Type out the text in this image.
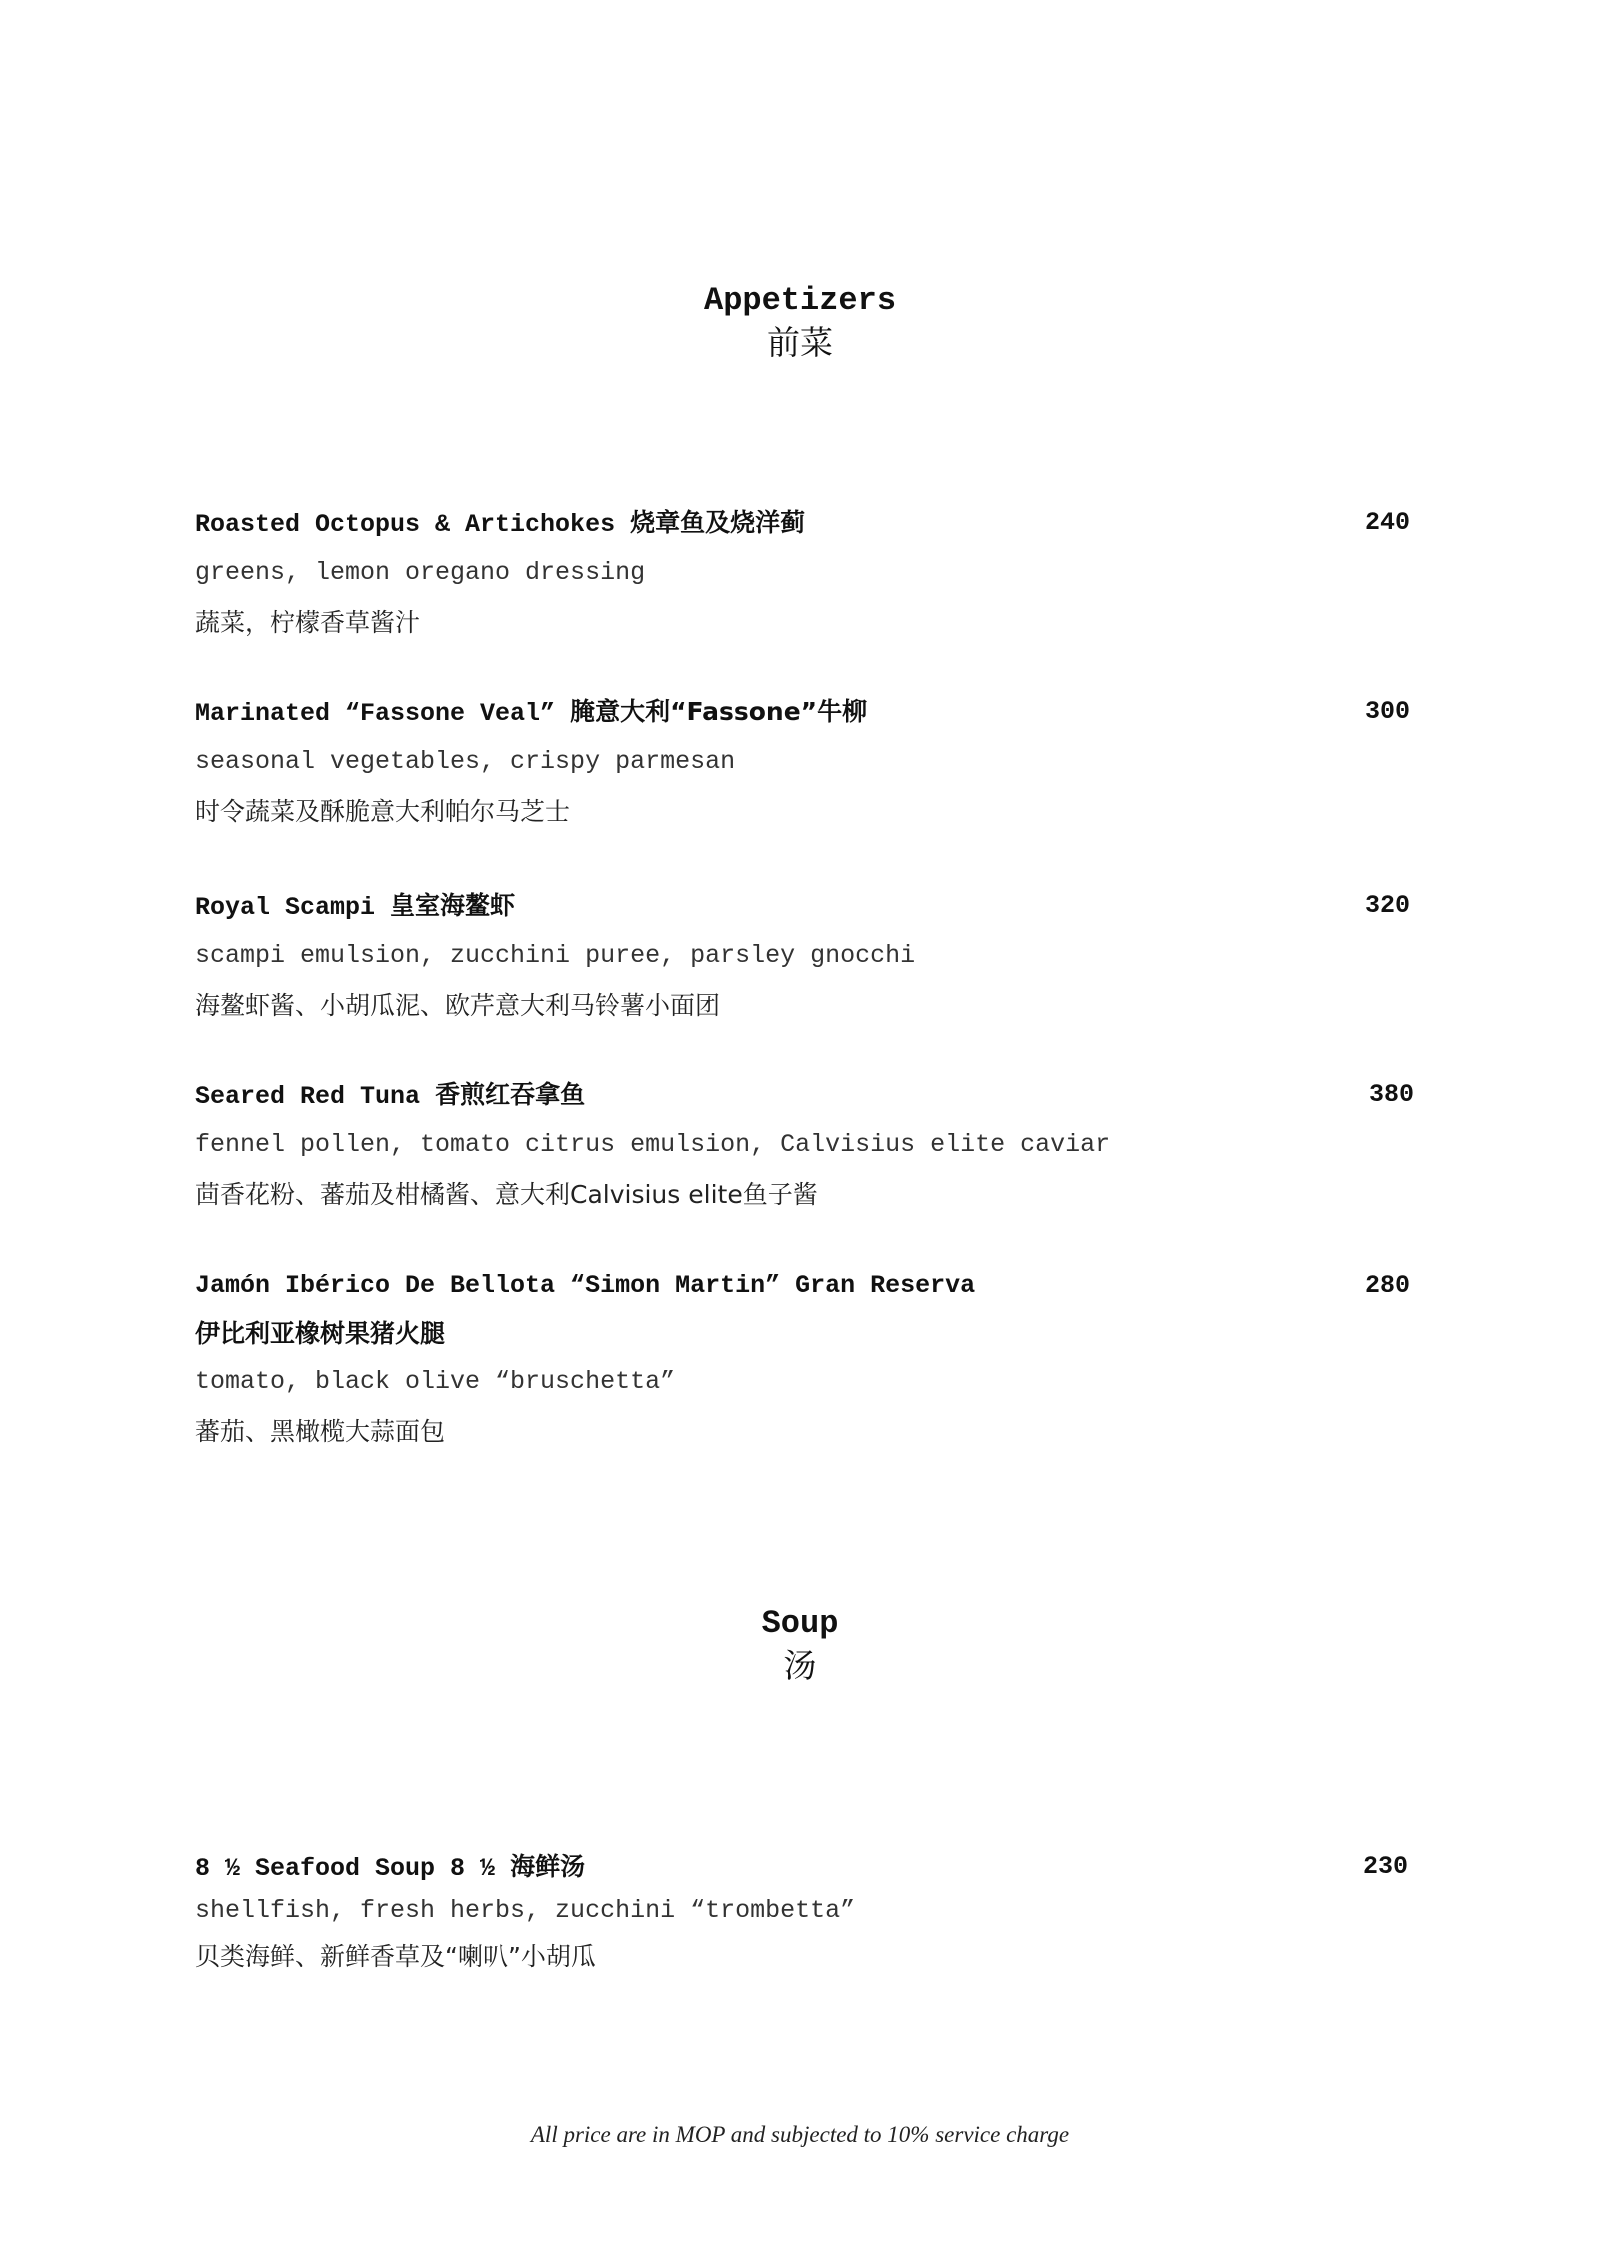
Appetizers
前菜
Roasted Octopus & Artichokes 烧章鱼及烧洋蓟	240
greens, lemon oregano dressing
蔬菜，柠檬香草酱汁
Marinated “Fassone Veal” 腌意大利“Fassone”牛柳	300
seasonal vegetables, crispy parmesan
时令蔬菜及酥脆意大利帕尔马芝士
Royal Scampi 皇室海鳌虾	320
scampi emulsion, zucchini puree, parsley gnocchi
海鳌虾酱、小胡瓜泥、欧芹意大利马铃薯小面团
Seared Red Tuna 香煎红吞拿鱼	380
fennel pollen, tomato citrus emulsion, Calvisius elite caviar
茴香花粉、蕃茄及柑橘酱、意大利Calvisius elite鱼子酱
Jamón Ibérico De Bellota “Simon Martin” Gran Reserva	280
伊比利亚橡树果猪火腿
tomato, black olive “bruschetta”
蕃茄、黑橄榄大蒜面包
Soup
汤
8 ½ Seafood Soup 8 ½ 海鲜汤	230
shellfish, fresh herbs, zucchini “trombetta”
贝类海鲜、新鲜香草及“喇叭”小胡瓜
All price are in MOP and subjected to 10% service charge
